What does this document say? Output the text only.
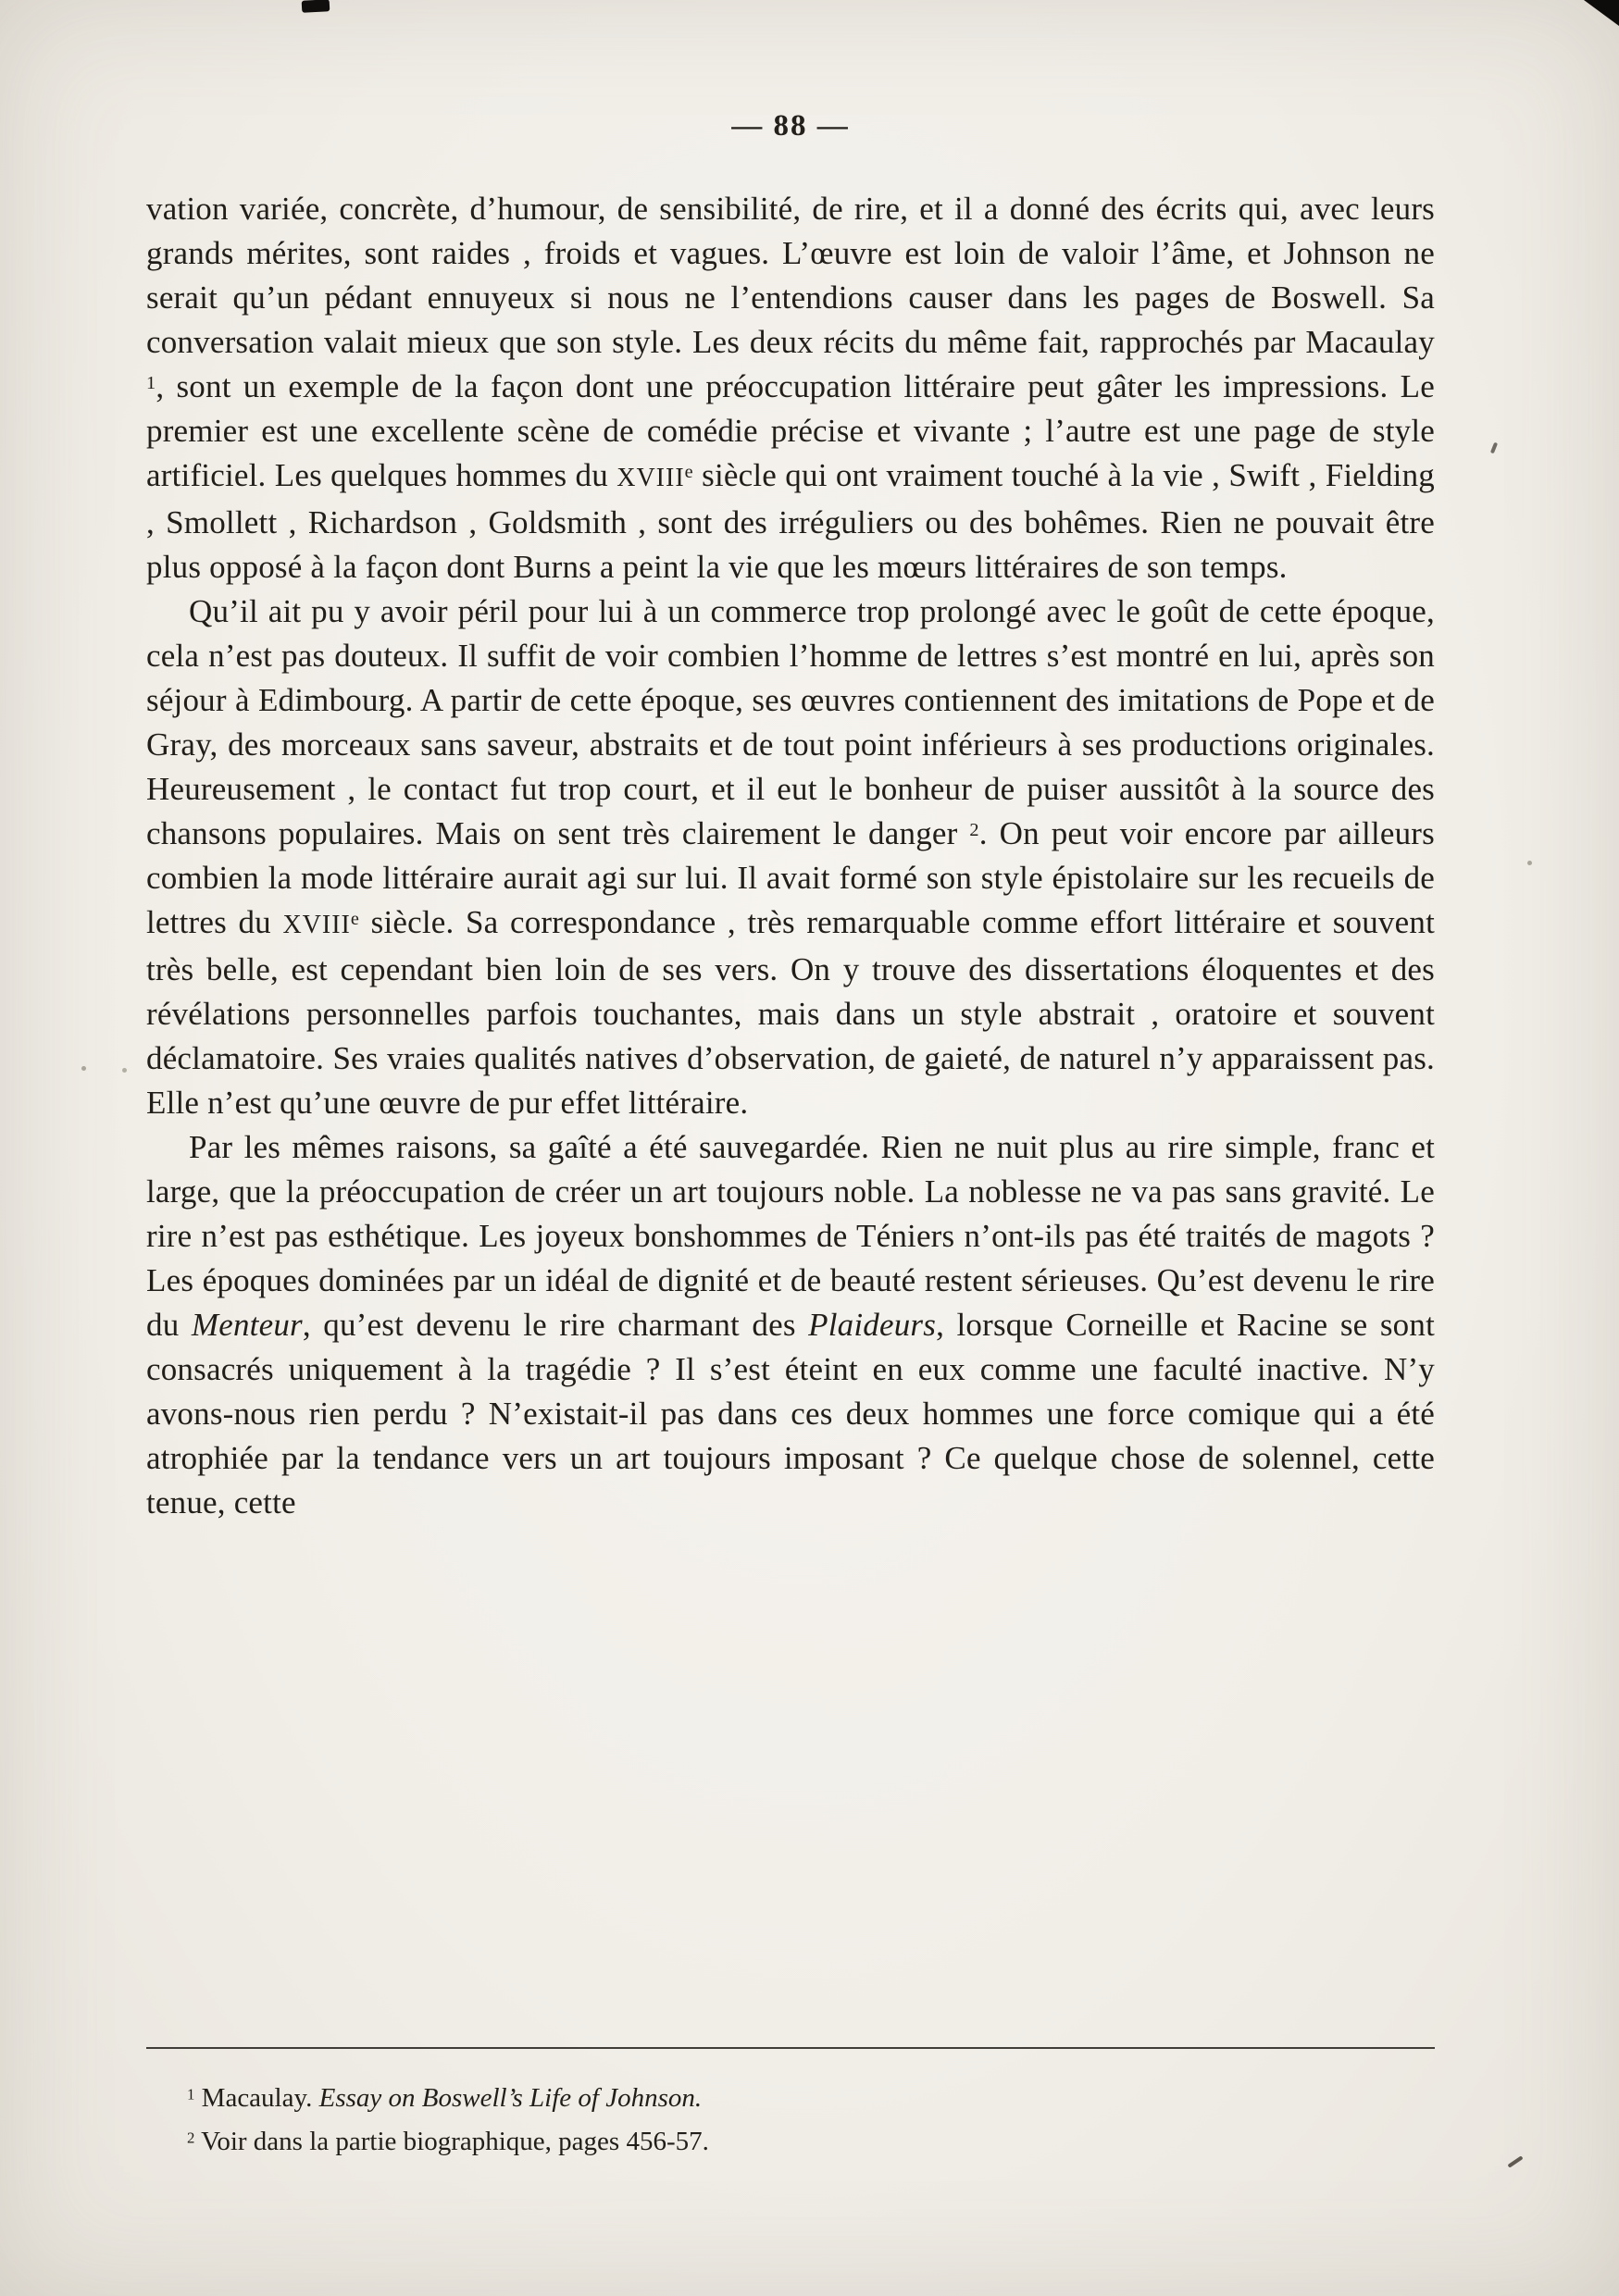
— 88 —

vation variée, concrète, d’humour, de sensibilité, de rire, et il a donné des écrits qui, avec leurs grands mérites, sont raides , froids et vagues. L’œuvre est loin de valoir l’âme, et Johnson ne serait qu’un pédant ennuyeux si nous ne l’entendions causer dans les pages de Boswell. Sa conversation valait mieux que son style. Les deux récits du même fait, rapprochés par Macaulay $^1$, sont un exemple de la façon dont une préoccupation littéraire peut gâter les impressions. Le premier est une excellente scène de comédie précise et vivante ; l’autre est une page de style artificiel. Les quelques hommes du XVIIIe siècle qui ont vraiment touché à la vie , Swift , Fielding , Smollett , Richardson , Goldsmith , sont des irréguliers ou des bohêmes. Rien ne pouvait être plus opposé à la façon dont Burns a peint la vie que les mœurs littéraires de son temps.

Qu’il ait pu y avoir péril pour lui à un commerce trop prolongé avec le goût de cette époque, cela n’est pas douteux. Il suffit de voir combien l’homme de lettres s’est montré en lui, après son séjour à Edimbourg. A partir de cette époque, ses œuvres contiennent des imitations de Pope et de Gray, des morceaux sans saveur, abstraits et de tout point inférieurs à ses productions originales. Heureusement , le contact fut trop court, et il eut le bonheur de puiser aussitôt à la source des chansons populaires. Mais on sent très clairement le danger $^2$. On peut voir encore par ailleurs combien la mode littéraire aurait agi sur lui. Il avait formé son style épistolaire sur les recueils de lettres du XVIIIe siècle. Sa correspondance , très remarquable comme effort littéraire et souvent très belle, est cependant bien loin de ses vers. On y trouve des dissertations éloquentes et des révélations personnelles parfois touchantes, mais dans un style abstrait , oratoire et souvent déclamatoire. Ses vraies qualités natives d’observation, de gaieté, de naturel n’y apparaissent pas. Elle n’est qu’une œuvre de pur effet littéraire.

Par les mêmes raisons, sa gaîté a été sauvegardée. Rien ne nuit plus au rire simple, franc et large, que la préoccupation de créer un art toujours noble. La noblesse ne va pas sans gravité. Le rire n’est pas esthétique. Les joyeux bonshommes de Téniers n’ont-ils pas été traités de magots ? Les époques dominées par un idéal de dignité et de beauté restent sérieuses. Qu’est devenu le rire du Menteur, qu’est devenu le rire charmant des Plaideurs, lorsque Corneille et Racine se sont consacrés uniquement à la tragédie ? Il s’est éteint en eux comme une faculté inactive. N’y avons-nous rien perdu ? N’existait-il pas dans ces deux hommes une force comique qui a été atrophiée par la tendance vers un art toujours imposant ? Ce quelque chose de solennel, cette tenue, cette

$^1$ Macaulay. Essay on Boswell’s Life of Johnson.

$^2$ Voir dans la partie biographique, pages 456-57.
